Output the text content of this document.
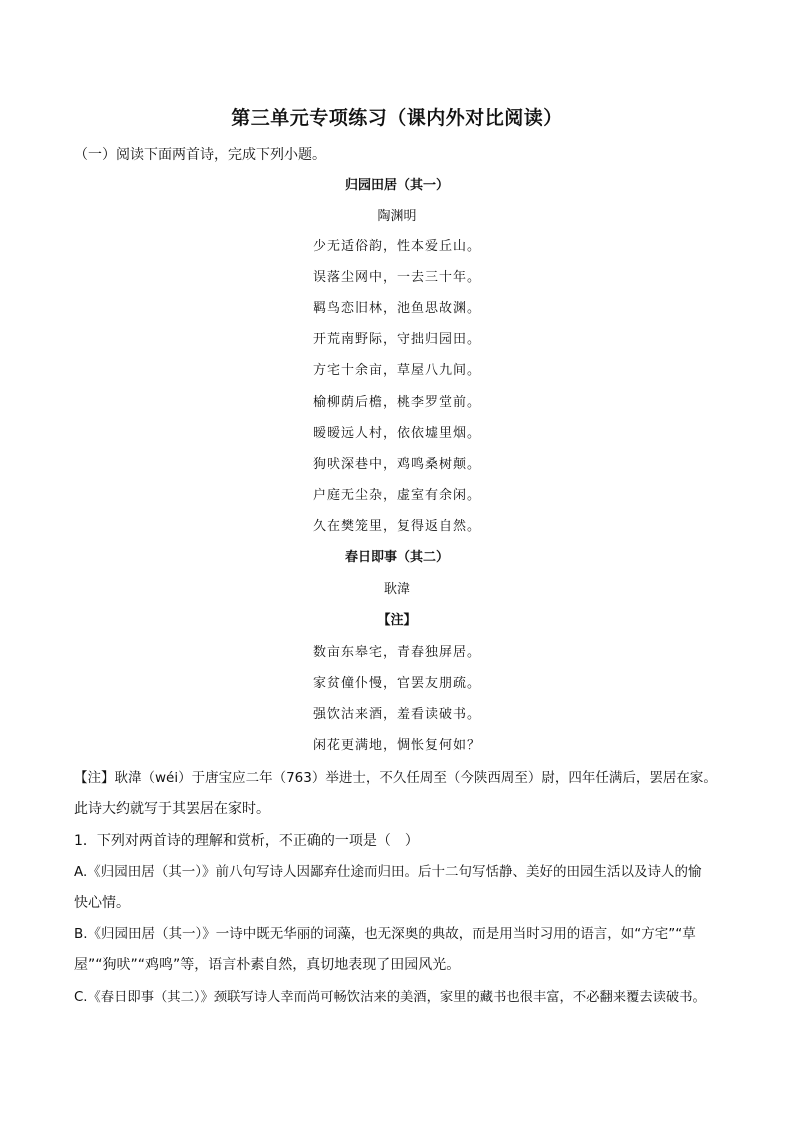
第三单元专项练习（课内外对比阅读）
（一）阅读下面两首诗，完成下列小题。
归园田居（其一）
陶渊明
少无适俗韵，性本爱丘山。
误落尘网中，一去三十年。
羁鸟恋旧林，池鱼思故渊。
开荒南野际，守拙归园田。
方宅十余亩，草屋八九间。
榆柳荫后檐，桃李罗堂前。
暧暧远人村，依依墟里烟。
狗吠深巷中，鸡鸣桑树颠。
户庭无尘杂，虚室有余闲。
久在樊笼里，复得返自然。
春日即事（其二）
耿湋
【注】
数亩东皋宅，青春独屏居。
家贫僮仆慢，官罢友朋疏。
强饮沽来酒，羞看读破书。
闲花更满地，惆怅复何如？
【注】耿湋（wéi）于唐宝应二年（763）举进士，不久任周至（今陕西周至）尉，四年任满后，罢居在家。
此诗大约就写于其罢居在家时。
1．下列对两首诗的理解和赏析，不正确的一项是（　）
A.《归园田居（其一）》前八句写诗人因鄙弃仕途而归田。后十二句写恬静、美好的田园生活以及诗人的愉
快心情。
B.《归园田居（其一）》一诗中既无华丽的词藻，也无深奥的典故，而是用当时习用的语言，如“方宅”“草
屋”“狗吠”“鸡鸣”等，语言朴素自然，真切地表现了田园风光。
C.《春日即事（其二）》颈联写诗人幸而尚可畅饮沽来的美酒，家里的藏书也很丰富，不必翻来覆去读破书。
